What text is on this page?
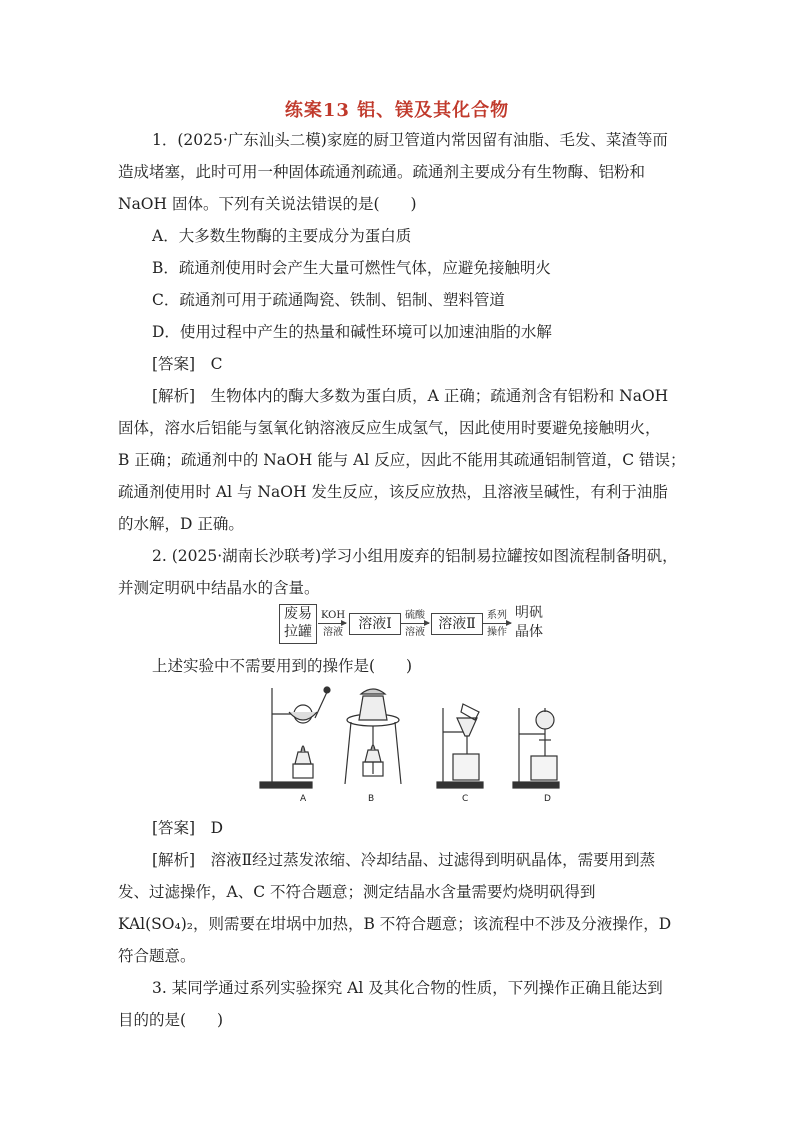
练案13 铝、镁及其化合物
1．(2025·广东汕头二模)家庭的厨卫管道内常因留有油脂、毛发、菜渣等而
造成堵塞，此时可用一种固体疏通剂疏通。疏通剂主要成分有生物酶、铝粉和
NaOH 固体。下列有关说法错误的是(　　)
A．大多数生物酶的主要成分为蛋白质
B．疏通剂使用时会产生大量可燃性气体，应避免接触明火
C．疏通剂可用于疏通陶瓷、铁制、铝制、塑料管道
D．使用过程中产生的热量和碱性环境可以加速油脂的水解
[答案]　C
[解析]　生物体内的酶大多数为蛋白质，A 正确；疏通剂含有铝粉和 NaOH
固体，溶水后铝能与氢氧化钠溶液反应生成氢气，因此使用时要避免接触明火，
B 正确；疏通剂中的 NaOH 能与 Al 反应，因此不能用其疏通铝制管道，C 错误；
疏通剂使用时 Al 与 NaOH 发生反应，该反应放热，且溶液呈碱性，有利于油脂
的水解，D 正确。
2. (2025·湖南长沙联考)学习小组用废弃的铝制易拉罐按如图流程制备明矾，
并测定明矾中结晶水的含量。
废易
拉罐
KOH
溶液
溶液Ⅰ
硫酸
溶液
溶液Ⅱ
系列
操作
明矾
晶体
上述实验中不需要用到的操作是(　　)
A	B	C	D
[答案]　D
[解析]　溶液Ⅱ经过蒸发浓缩、冷却结晶、过滤得到明矾晶体，需要用到蒸
发、过滤操作，A、C 不符合题意；测定结晶水含量需要灼烧明矾得到
KAl(SO₄)₂，则需要在坩埚中加热，B 不符合题意；该流程中不涉及分液操作，D
符合题意。
3. 某同学通过系列实验探究 Al 及其化合物的性质，下列操作正确且能达到
目的的是(　　)
